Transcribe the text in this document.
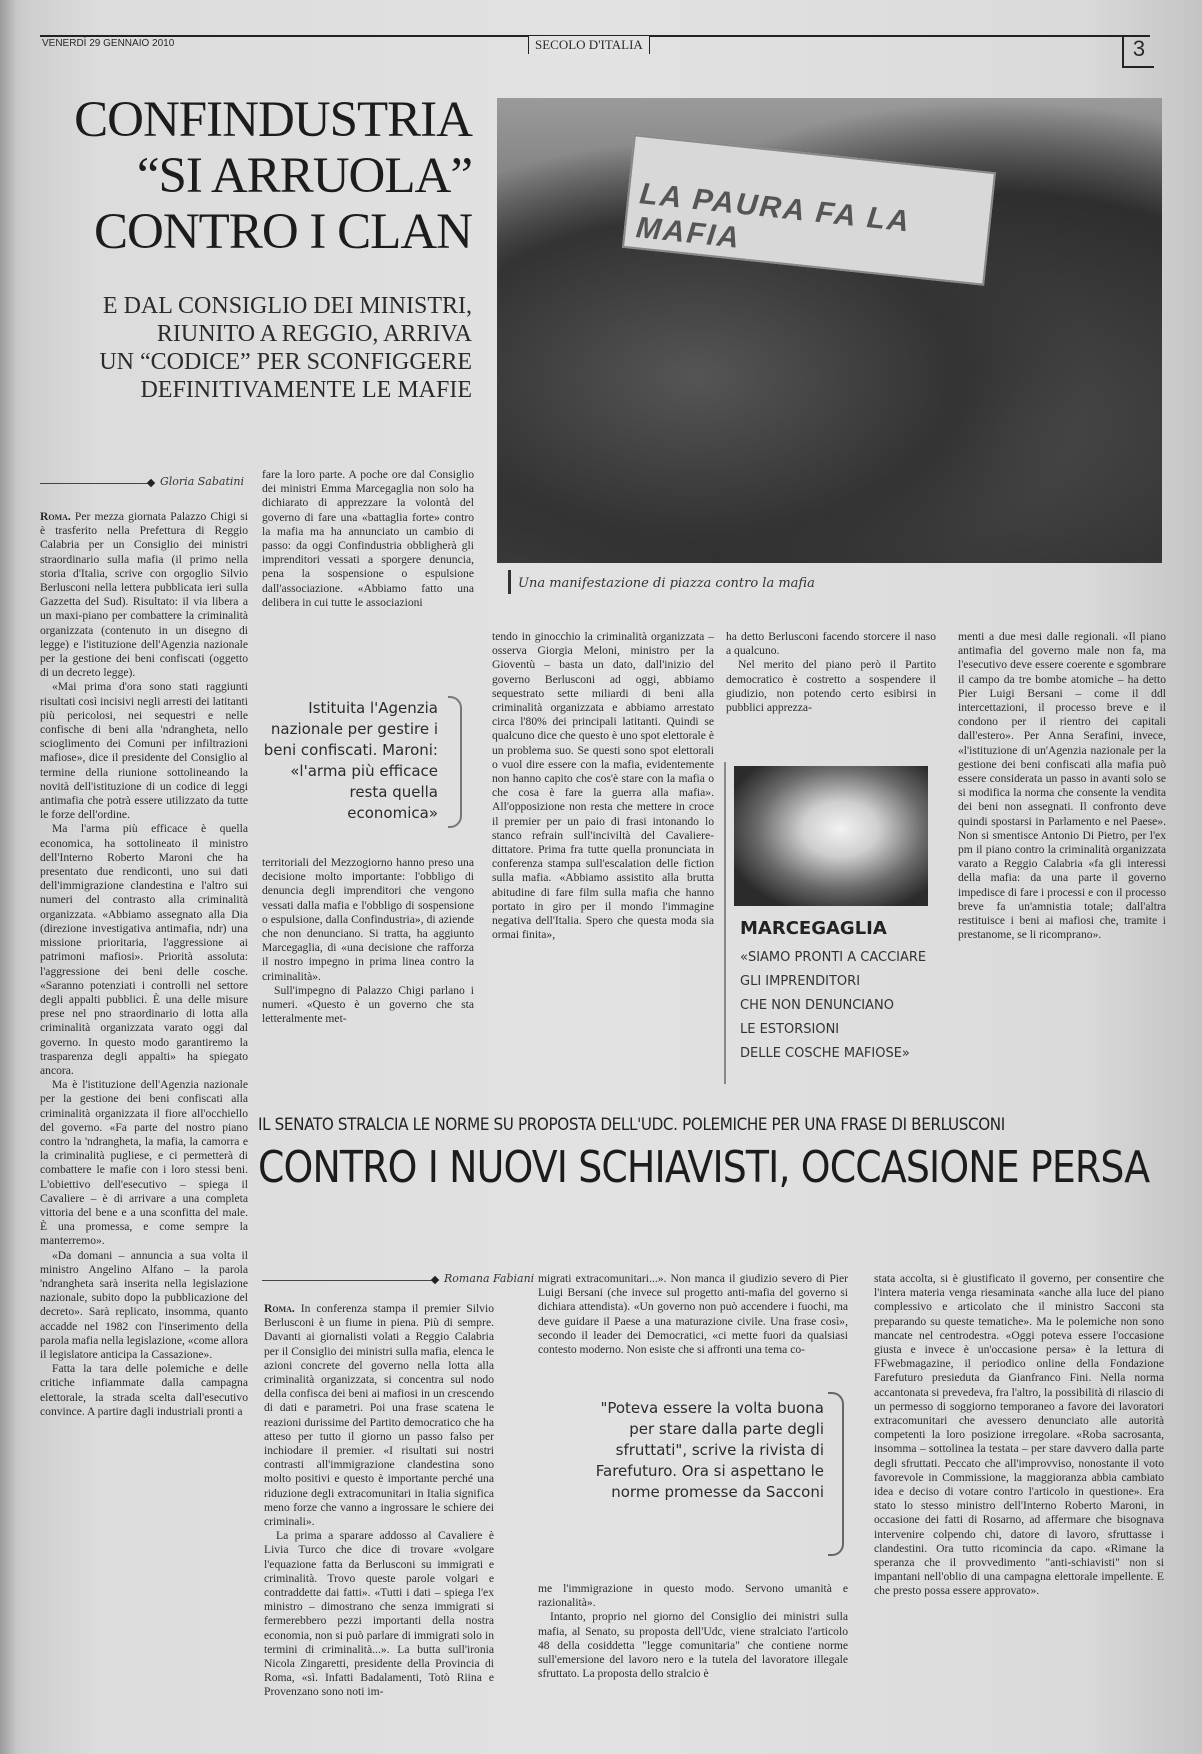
VENERDÌ 29 GENNAIO 2010	SECOLO D'ITALIA	3
CONFINDUSTRIA
“SI ARRUOLA”
CONTRO I CLAN
E DAL CONSIGLIO DEI MINISTRI,
RIUNITO A REGGIO, ARRIVA
UN “CODICE” PER SCONFIGGERE
DEFINITIVAMENTE LE MAFIE
LA PAURA FA LA MAFIA
Una manifestazione di piazza contro la mafia
Gloria Sabatini

Roma. Per mezza giornata Palazzo Chigi si è trasferito nella Prefettura di Reggio Calabria per un Consiglio dei ministri straordinario sulla mafia (il primo nella storia d'Italia, scrive con orgoglio Silvio Berlusconi nella lettera pubblicata ieri sulla Gazzetta del Sud). Risultato: il via libera a un maxi-piano per combattere la criminalità organizzata (contenuto in un disegno di legge) e l'istituzione dell'Agenzia nazionale per la gestione dei beni confiscati (oggetto di un decreto legge).

«Mai prima d'ora sono stati raggiunti risultati così incisivi negli arresti dei latitanti più pericolosi, nei sequestri e nelle confische di beni alla 'ndrangheta, nello scioglimento dei Comuni per infiltrazioni mafiose», dice il presidente del Consiglio al termine della riunione sottolineando la novità dell'istituzione di un codice di leggi antimafia che potrà essere utilizzato da tutte le forze dell'ordine.

Ma l'arma più efficace è quella economica, ha sottolineato il ministro dell'Interno Roberto Maroni che ha presentato due rendiconti, uno sui dati dell'immigrazione clandestina e l'altro sui numeri del contrasto alla criminalità organizzata. «Abbiamo assegnato alla Dia (direzione investigativa antimafia, ndr) una missione prioritaria, l'aggressione ai patrimoni mafiosi». Priorità assoluta: l'aggressione dei beni delle cosche. «Saranno potenziati i controlli nel settore degli appalti pubblici. È una delle misure prese nel pno straordinario di lotta alla criminalità organizzata varato oggi dal governo. In questo modo garantiremo la trasparenza degli appalti» ha spiegato ancora.

Ma è l'istituzione dell'Agenzia nazionale per la gestione dei beni confiscati alla criminalità organizzata il fiore all'occhiello del governo. «Fa parte del nostro piano contro la 'ndrangheta, la mafia, la camorra e la criminalità pugliese, e ci permetterà di combattere le mafie con i loro stessi beni. L'obiettivo dell'esecutivo – spiega il Cavaliere – è di arrivare a una completa vittoria del bene e a una sconfitta del male. È una promessa, e come sempre la manterremo».

«Da domani – annuncia a sua volta il ministro Angelino Alfano – la parola 'ndrangheta sarà inserita nella legislazione nazionale, subito dopo la pubblicazione del decreto». Sarà replicato, insomma, quanto accadde nel 1982 con l'inserimento della parola mafia nella legislazione, «come allora il legislatore anticipa la Cassazione».

Fatta la tara delle polemiche e delle critiche infiammate dalla campagna elettorale, la strada scelta dall'esecutivo convince. A partire dagli industriali pronti a

fare la loro parte. A poche ore dal Consiglio dei ministri Emma Marcegaglia non solo ha dichiarato di apprezzare la volontà del governo di fare una «battaglia forte» contro la mafia ma ha annunciato un cambio di passo: da oggi Confindustria obbligherà gli imprenditori vessati a sporgere denuncia, pena la sospensione o espulsione dall'associazione. «Abbiamo fatto una delibera in cui tutte le associazioni

Istituita l'Agenzia nazionale per gestire i beni confiscati. Maroni: «l'arma più efficace resta quella economica»

territoriali del Mezzogiorno hanno preso una decisione molto importante: l'obbligo di denuncia degli imprenditori che vengono vessati dalla mafia e l'obbligo di sospensione o espulsione, dalla Confindustria», di aziende che non denunciano. Si tratta, ha aggiunto Marcegaglia, di «una decisione che rafforza il nostro impegno in prima linea contro la criminalità».

Sull'impegno di Palazzo Chigi parlano i numeri. «Questo è un governo che sta letteralmente met-

tendo in ginocchio la criminalità organizzata – osserva Giorgia Meloni, ministro per la Gioventù – basta un dato, dall'inizio del governo Berlusconi ad oggi, abbiamo sequestrato sette miliardi di beni alla criminalità organizzata e abbiamo arrestato circa l'80% dei principali latitanti. Quindi se qualcuno dice che questo è uno spot elettorale è un problema suo. Se questi sono spot elettorali o vuol dire essere con la mafia, evidentemente non hanno capito che cos'è stare con la mafia o che cosa è fare la guerra alla mafia». All'opposizione non resta che mettere in croce il premier per un paio di frasi intonando lo stanco refrain sull'inciviltà del Cavaliere-dittatore. Prima fra tutte quella pronunciata in conferenza stampa sull'escalation delle fiction sulla mafia. «Abbiamo assistito alla brutta abitudine di fare film sulla mafia che hanno portato in giro per il mondo l'immagine negativa dell'Italia. Spero che questa moda sia ormai finita»,

ha detto Berlusconi facendo storcere il naso a qualcuno.

Nel merito del piano però il Partito democratico è costretto a sospendere il giudizio, non potendo certo esibirsi in pubblici apprezza-

MARCEGAGLIA
«SIAMO PRONTI A CACCIARE
GLI IMPRENDITORI
CHE NON DENUNCIANO
LE ESTORSIONI
DELLE COSCHE MAFIOSE»

menti a due mesi dalle regionali. «Il piano antimafia del governo male non fa, ma l'esecutivo deve essere coerente e sgombrare il campo da tre bombe atomiche – ha detto Pier Luigi Bersani – come il ddl intercettazioni, il processo breve e il condono per il rientro dei capitali dall'estero». Per Anna Serafini, invece, «l'istituzione di un'Agenzia nazionale per la gestione dei beni confiscati alla mafia può essere considerata un passo in avanti solo se si modifica la norma che consente la vendita dei beni non assegnati. Il confronto deve quindi spostarsi in Parlamento e nel Paese». Non si smentisce Antonio Di Pietro, per l'ex pm il piano contro la criminalità organizzata varato a Reggio Calabria «fa gli interessi della mafia: da una parte il governo impedisce di fare i processi e con il processo breve fa un'amnistia totale; dall'altra restituisce i beni ai mafiosi che, tramite i prestanome, se li ricomprano».

IL SENATO STRALCIA LE NORME SU PROPOSTA DELL'UDC. POLEMICHE PER UNA FRASE DI BERLUSCONI
CONTRO I NUOVI SCHIAVISTI, OCCASIONE PERSA
Romana Fabiani

Roma. In conferenza stampa il premier Silvio Berlusconi è un fiume in piena. Più di sempre. Davanti ai giornalisti volati a Reggio Calabria per il Consiglio dei ministri sulla mafia, elenca le azioni concrete del governo nella lotta alla criminalità organizzata, si concentra sul nodo della confisca dei beni ai mafiosi in un crescendo di dati e parametri. Poi una frase scatena le reazioni durissime del Partito democratico che ha atteso per tutto il giorno un passo falso per inchiodare il premier. «I risultati sui nostri contrasti all'immigrazione clandestina sono molto positivi e questo è importante perché una riduzione degli extracomunitari in Italia significa meno forze che vanno a ingrossare le schiere dei criminali».

La prima a sparare addosso al Cavaliere è Livia Turco che dice di trovare «volgare l'equazione fatta da Berlusconi su immigrati e criminalità. Trovo queste parole volgari e contraddette dai fatti». «Tutti i dati – spiega l'ex ministro – dimostrano che senza immigrati si fermerebbero pezzi importanti della nostra economia, non si può parlare di immigrati solo in termini di criminalità...». La butta sull'ironia Nicola Zingaretti, presidente della Provincia di Roma, «sì. Infatti Badalamenti, Totò Riina e Provenzano sono noti im-

migrati extracomunitari...». Non manca il giudizio severo di Pier Luigi Bersani (che invece sul progetto anti-mafia del governo si dichiara attendista). «Un governo non può accendere i fuochi, ma deve guidare il Paese a una maturazione civile. Una frase così», secondo il leader dei Democratici, «ci mette fuori da qualsiasi contesto moderno. Non esiste che si affronti una tema co-

"Poteva essere la volta buona per stare dalla parte degli sfruttati", scrive la rivista di Farefuturo. Ora si aspettano le norme promesse da Sacconi

me l'immigrazione in questo modo. Servono umanità e razionalità».

Intanto, proprio nel giorno del Consiglio dei ministri sulla mafia, al Senato, su proposta dell'Udc, viene stralciato l'articolo 48 della cosiddetta "legge comunitaria" che contiene norme sull'emersione del lavoro nero e la tutela del lavoratore illegale sfruttato. La proposta dello stralcio è

stata accolta, si è giustificato il governo, per consentire che l'intera materia venga riesaminata «anche alla luce del piano complessivo e articolato che il ministro Sacconi sta preparando su queste tematiche». Ma le polemiche non sono mancate nel centrodestra. «Oggi poteva essere l'occasione giusta e invece è un'occasione persa» è la lettura di FFwebmagazine, il periodico online della Fondazione Farefuturo presieduta da Gianfranco Fini. Nella norma accantonata si prevedeva, fra l'altro, la possibilità di rilascio di un permesso di soggiorno temporaneo a favore dei lavoratori extracomunitari che avessero denunciato alle autorità competenti la loro posizione irregolare. «Roba sacrosanta, insomma – sottolinea la testata – per stare davvero dalla parte degli sfruttati. Peccato che all'improvviso, nonostante il voto favorevole in Commissione, la maggioranza abbia cambiato idea e deciso di votare contro l'articolo in questione». Era stato lo stesso ministro dell'Interno Roberto Maroni, in occasione dei fatti di Rosarno, ad affermare che bisognava intervenire colpendo chi, datore di lavoro, sfruttasse i clandestini. Ora tutto ricomincia da capo. «Rimane la speranza che il provvedimento "anti-schiavisti" non si impantani nell'oblio di una campagna elettorale impellente. E che presto possa essere approvato».
